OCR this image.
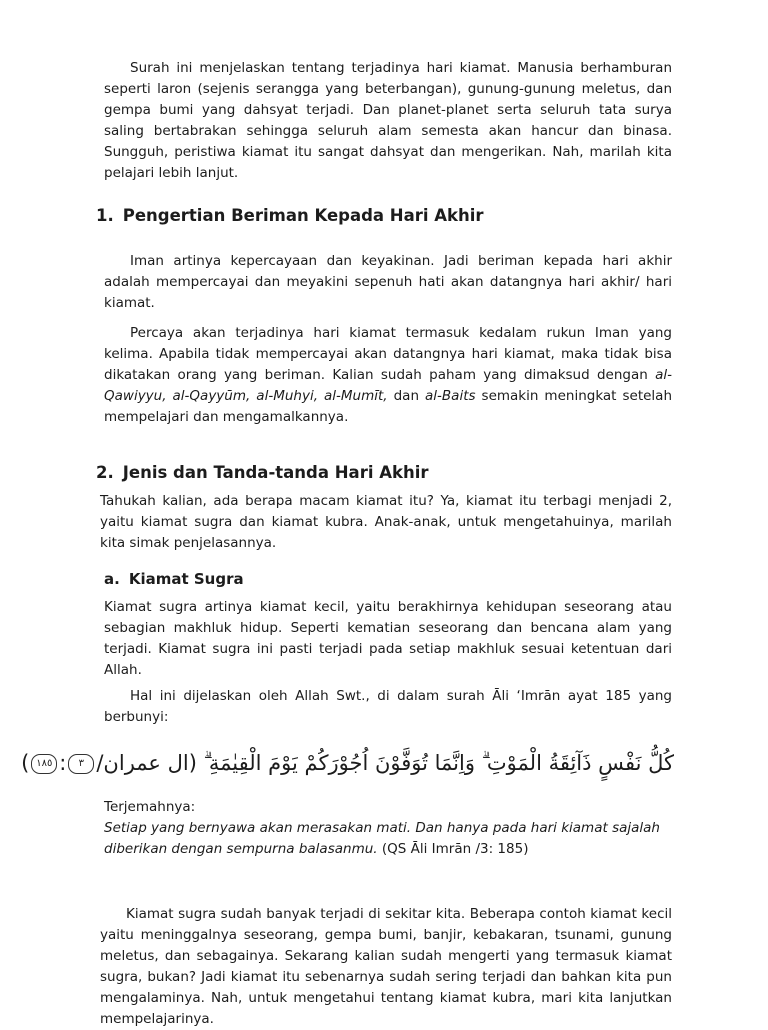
Surah ini menjelaskan tentang terjadinya hari kiamat. Manusia berhamburan seperti laron (sejenis serangga yang beterbangan), gunung-gunung meletus, dan gempa bumi yang dahsyat terjadi. Dan planet-planet serta seluruh tata surya saling bertabrakan sehingga seluruh alam semesta akan hancur dan binasa. Sungguh, peristiwa kiamat itu sangat dahsyat dan mengerikan. Nah, marilah kita pelajari lebih lanjut.

1. Pengertian Beriman Kepada Hari Akhir

Iman artinya kepercayaan dan keyakinan. Jadi beriman kepada hari akhir adalah mempercayai dan meyakini sepenuh hati akan datangnya hari akhir/ hari kiamat.

Percaya akan terjadinya hari kiamat termasuk kedalam rukun Iman yang kelima. Apabila tidak mempercayai akan datangnya hari kiamat, maka tidak bisa dikatakan orang yang beriman. Kalian sudah paham yang dimaksud dengan al-Qawiyyu, al-Qayyūm, al-Muhyi, al-Mumīt, dan al-Baits semakin meningkat setelah mempelajari dan mengamalkannya.

2. Jenis dan Tanda-tanda Hari Akhir

Tahukah kalian, ada berapa macam kiamat itu? Ya, kiamat itu terbagi menjadi 2, yaitu kiamat sugra dan kiamat kubra. Anak-anak, untuk mengetahuinya, marilah kita simak penjelasannya.

a. Kiamat Sugra

Kiamat sugra artinya kiamat kecil, yaitu berakhirnya kehidupan seseorang atau sebagian makhluk hidup. Seperti kematian seseorang dan bencana alam yang terjadi. Kiamat sugra ini pasti terjadi pada setiap makhluk sesuai ketentuan dari Allah.

Hal ini dijelaskan oleh Allah Swt., di dalam surah Āli ‘Imrān ayat 185 yang berbunyi:

كُلُّ نَفْسٍ ذَآئِقَةُ الْمَوْتِ ۗ وَاِنَّمَا تُوَفَّوْنَ اُجُوْرَكُمْ يَوْمَ الْقِيٰمَةِ ۗ (ال عمران/٣:١٨٥)

Terjemahnya:

Setiap yang bernyawa akan merasakan mati. Dan hanya pada hari kiamat sajalah diberikan dengan sempurna balasanmu. (QS Āli Imrān /3: 185)

Kiamat sugra sudah banyak terjadi di sekitar kita. Beberapa contoh kiamat kecil yaitu meninggalnya seseorang, gempa bumi, banjir, kebakaran, tsunami, gunung meletus, dan sebagainya. Sekarang kalian sudah mengerti yang termasuk kiamat sugra, bukan? Jadi kiamat itu sebenarnya sudah sering terjadi dan bahkan kita pun mengalaminya. Nah, untuk mengetahui tentang kiamat kubra, mari kita lanjutkan mempelajarinya.
